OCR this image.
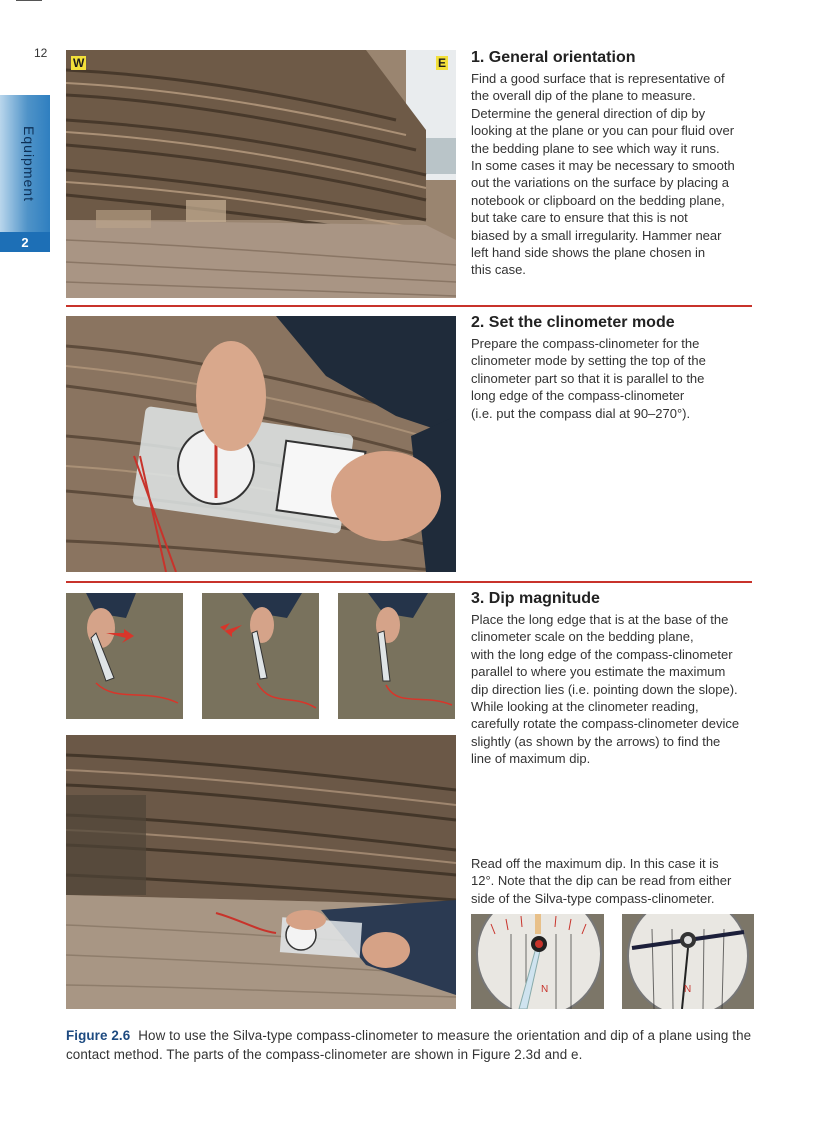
12
Equipment
2
W	E 1. General orientation

Find a good surface that is representative of

the overall dip of the plane to measure.

Determine the general direction of dip by

looking at the plane or you can pour fluid over

the bedding plane to see which way it runs.

In some cases it may be necessary to smooth

out the variations on the surface by placing a

notebook or clipboard on the bedding plane,

but take care to ensure that this is not

biased by a small irregularity. Hammer near

left hand side shows the plane chosen in

this case.

2. Set the clinometer mode

Prepare the compass-clinometer for the

clinometer mode by setting the top of the

clinometer part so that it is parallel to the

long edge of the compass-clinometer

(i.e. put the compass dial at 90–270°).

3. Dip magnitude

Place the long edge that is at the base of the

clinometer scale on the bedding plane,

with the long edge of the compass-clinometer

parallel to where you estimate the maximum

dip direction lies (i.e. pointing down the slope).

While looking at the clinometer reading,

carefully rotate the compass-clinometer device

slightly (as shown by the arrows) to find the

line of maximum dip.

Read off the maximum dip. In this case it is

12°. Note that the dip can be read from either

side of the Silva-type compass-clinometer.

N	N
Figure 2.6 How to use the Silva-type compass-clinometer to measure the orientation and dip of a plane using the contact method. The parts of the compass-clinometer are shown in Figure 2.3d and e.
